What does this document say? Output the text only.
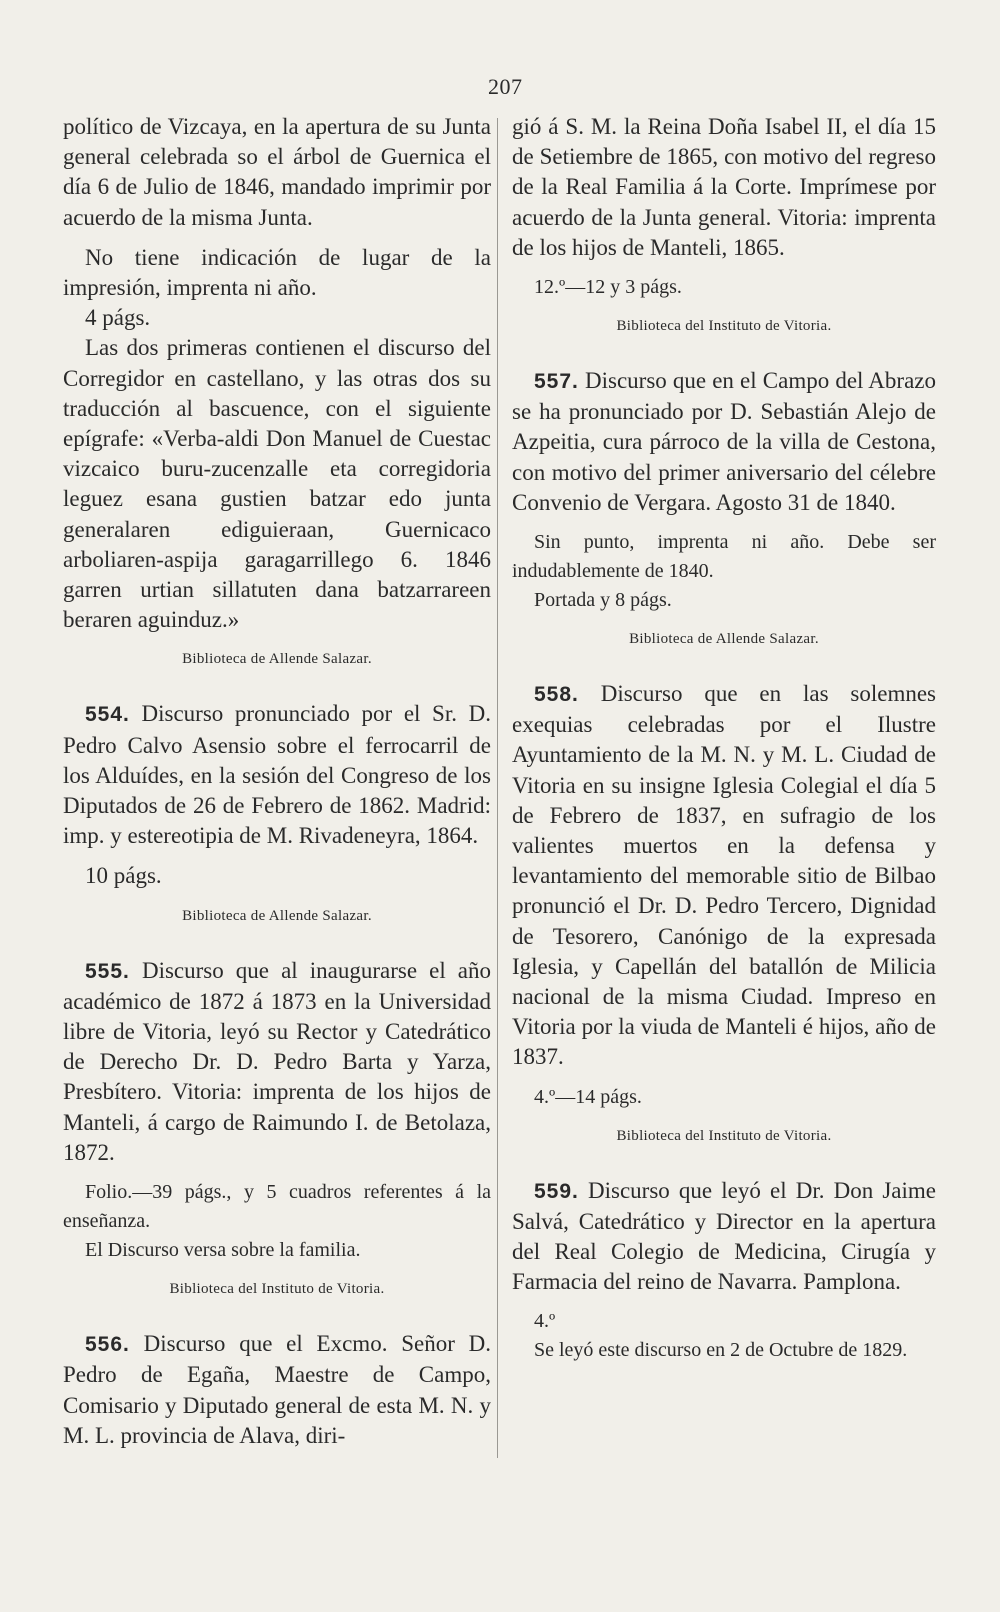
207

político de Vizcaya, en la apertura de su Junta general celebrada so el árbol de Guernica el día 6 de Julio de 1846, mandado imprimir por acuerdo de la misma Junta.

No tiene indicación de lugar de la impresión, imprenta ni año.

4 págs.

Las dos primeras contienen el discurso del Corregidor en castellano, y las otras dos su traducción al bascuence, con el siguiente epígrafe: «Verba-aldi Don Manuel de Cuestac vizcaico buru-zucenzalle eta corregidoria leguez esana gustien batzar edo junta generalaren ediguieraan, Guernicaco arboliaren-aspija garagarrillego 6. 1846 garren urtian sillatuten dana batzarrareen beraren aguinduz.»

Biblioteca de Allende Salazar.

554. Discurso pronunciado por el Sr. D. Pedro Calvo Asensio sobre el ferrocarril de los Alduídes, en la sesión del Congreso de los Diputados de 26 de Febrero de 1862. Madrid: imp. y estereotipia de M. Rivadeneyra, 1864.

10 págs.

Biblioteca de Allende Salazar.

555. Discurso que al inaugurarse el año académico de 1872 á 1873 en la Universidad libre de Vitoria, leyó su Rector y Catedrático de Derecho Dr. D. Pedro Barta y Yarza, Presbítero. Vitoria: imprenta de los hijos de Manteli, á cargo de Raimundo I. de Betolaza, 1872.

Folio.—39 págs., y 5 cuadros referentes á la enseñanza.

El Discurso versa sobre la familia.

Biblioteca del Instituto de Vitoria.

556. Discurso que el Excmo. Señor D. Pedro de Egaña, Maestre de Campo, Comisario y Diputado general de esta M. N. y M. L. provincia de Alava, diri-

gió á S. M. la Reina Doña Isabel II, el día 15 de Setiembre de 1865, con motivo del regreso de la Real Familia á la Corte. Imprímese por acuerdo de la Junta general. Vitoria: imprenta de los hijos de Manteli, 1865.

12.º—12 y 3 págs.

Biblioteca del Instituto de Vitoria.

557. Discurso que en el Campo del Abrazo se ha pronunciado por D. Sebastián Alejo de Azpeitia, cura párroco de la villa de Cestona, con motivo del primer aniversario del célebre Convenio de Vergara. Agosto 31 de 1840.

Sin punto, imprenta ni año. Debe ser indudablemente de 1840.

Portada y 8 págs.

Biblioteca de Allende Salazar.

558. Discurso que en las solemnes exequias celebradas por el Ilustre Ayuntamiento de la M. N. y M. L. Ciudad de Vitoria en su insigne Iglesia Colegial el día 5 de Febrero de 1837, en sufragio de los valientes muertos en la defensa y levantamiento del memorable sitio de Bilbao pronunció el Dr. D. Pedro Tercero, Dignidad de Tesorero, Canónigo de la expresada Iglesia, y Capellán del batallón de Milicia nacional de la misma Ciudad. Impreso en Vitoria por la viuda de Manteli é hijos, año de 1837.

4.º—14 págs.

Biblioteca del Instituto de Vitoria.

559. Discurso que leyó el Dr. Don Jaime Salvá, Catedrático y Director en la apertura del Real Colegio de Medicina, Cirugía y Farmacia del reino de Navarra. Pamplona.

4.º

Se leyó este discurso en 2 de Octubre de 1829.
